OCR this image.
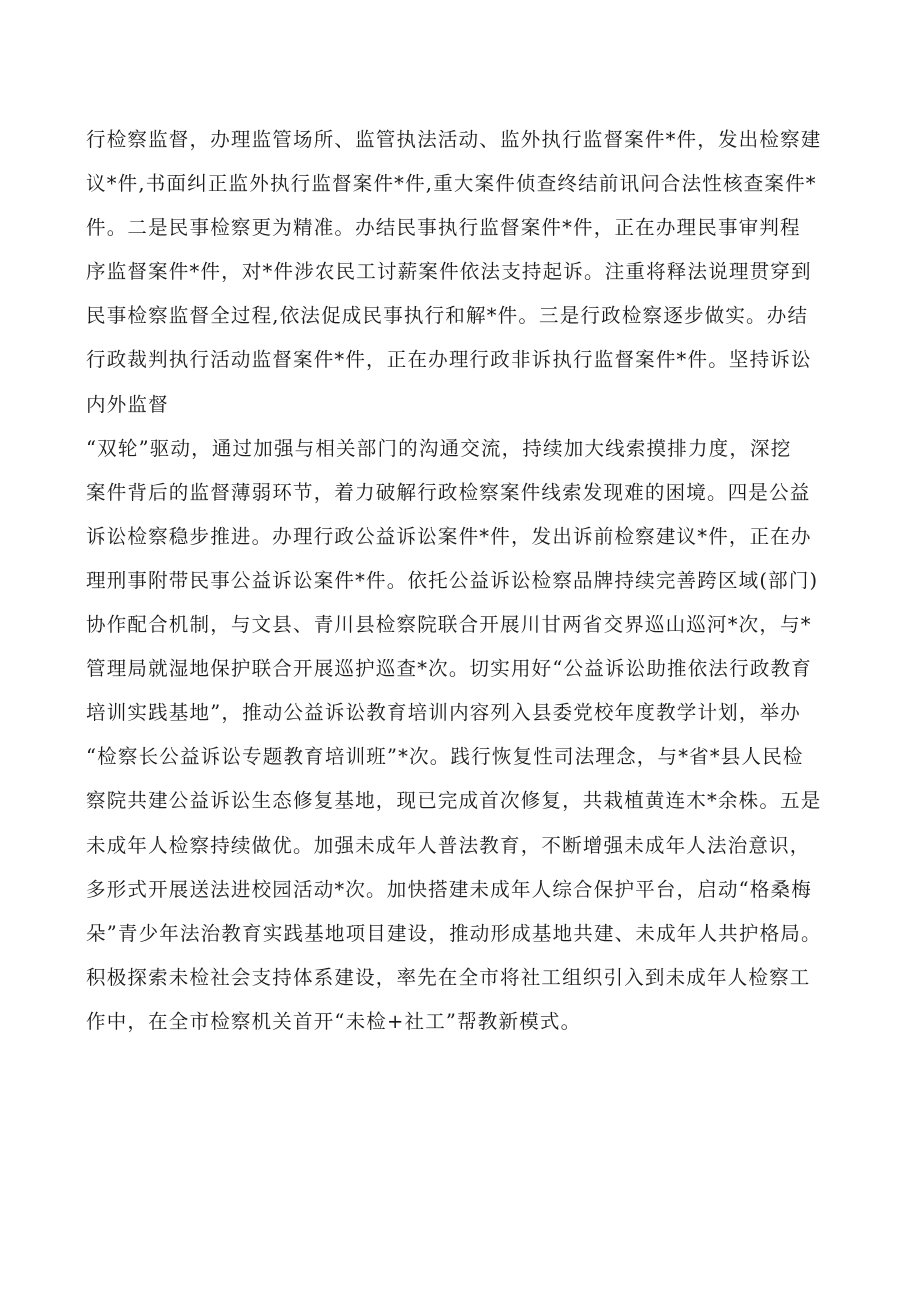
行检察监督，办理监管场所、监管执法活动、监外执行监督案件*件，发出检察建
议*件,书面纠正监外执行监督案件*件,重大案件侦查终结前讯问合法性核查案件*
件。二是民事检察更为精准。办结民事执行监督案件*件，正在办理民事审判程
序监督案件*件，对*件涉农民工讨薪案件依法支持起诉。注重将释法说理贯穿到
民事检察监督全过程,依法促成民事执行和解*件。三是行政检察逐步做实。办结
行政裁判执行活动监督案件*件，正在办理行政非诉执行监督案件*件。坚持诉讼
内外监督
“双轮”驱动，通过加强与相关部门的沟通交流，持续加大线索摸排力度，深挖
案件背后的监督薄弱环节，着力破解行政检察案件线索发现难的困境。四是公益
诉讼检察稳步推进。办理行政公益诉讼案件*件，发出诉前检察建议*件，正在办
理刑事附带民事公益诉讼案件*件。依托公益诉讼检察品牌持续完善跨区域(部门)
协作配合机制，与文县、青川县检察院联合开展川甘两省交界巡山巡河*次，与*
管理局就湿地保护联合开展巡护巡查*次。切实用好“公益诉讼助推依法行政教育
培训实践基地”，推动公益诉讼教育培训内容列入县委党校年度教学计划，举办
“检察长公益诉讼专题教育培训班”*次。践行恢复性司法理念，与*省*县人民检
察院共建公益诉讼生态修复基地，现已完成首次修复，共栽植黄连木*余株。五是
未成年人检察持续做优。加强未成年人普法教育，不断增强未成年人法治意识，
多形式开展送法进校园活动*次。加快搭建未成年人综合保护平台，启动“格桑梅
朵”青少年法治教育实践基地项目建设，推动形成基地共建、未成年人共护格局。
积极探索未检社会支持体系建设，率先在全市将社工组织引入到未成年人检察工
作中，在全市检察机关首开“未检+社工”帮教新模式。
